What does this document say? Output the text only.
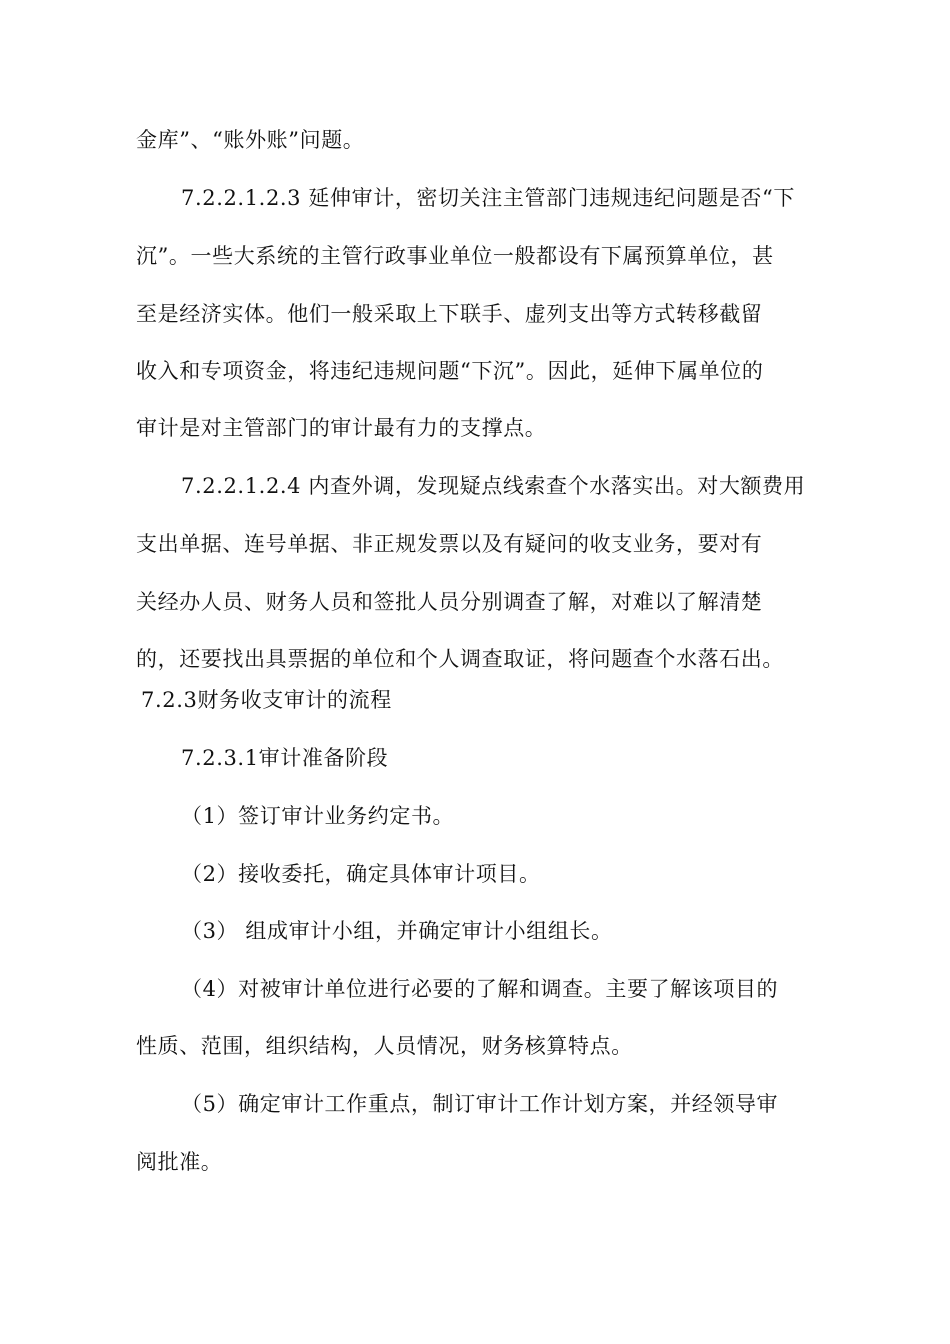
金库”、“账外账”问题。
7.2.2.1.2.3 延伸审计，密切关注主管部门违规违纪问题是否“下
沉”。一些大系统的主管行政事业单位一般都设有下属预算单位，甚
至是经济实体。他们一般采取上下联手、虚列支出等方式转移截留
收入和专项资金，将违纪违规问题“下沉”。因此，延伸下属单位的
审计是对主管部门的审计最有力的支撑点。
7.2.2.1.2.4 内查外调，发现疑点线索查个水落实出。对大额费用
支出单据、连号单据、非正规发票以及有疑问的收支业务，要对有
关经办人员、财务人员和签批人员分别调查了解，对难以了解清楚
的，还要找出具票据的单位和个人调查取证，将问题查个水落石出。
7.2.3财务收支审计的流程
7.2.3.1审计准备阶段
（1）签订审计业务约定书。
（2）接收委托，确定具体审计项目。
（3） 组成审计小组，并确定审计小组组长。
（4）对被审计单位进行必要的了解和调查。主要了解该项目的
性质、范围，组织结构，人员情况，财务核算特点。
（5）确定审计工作重点，制订审计工作计划方案，并经领导审
阅批准。
